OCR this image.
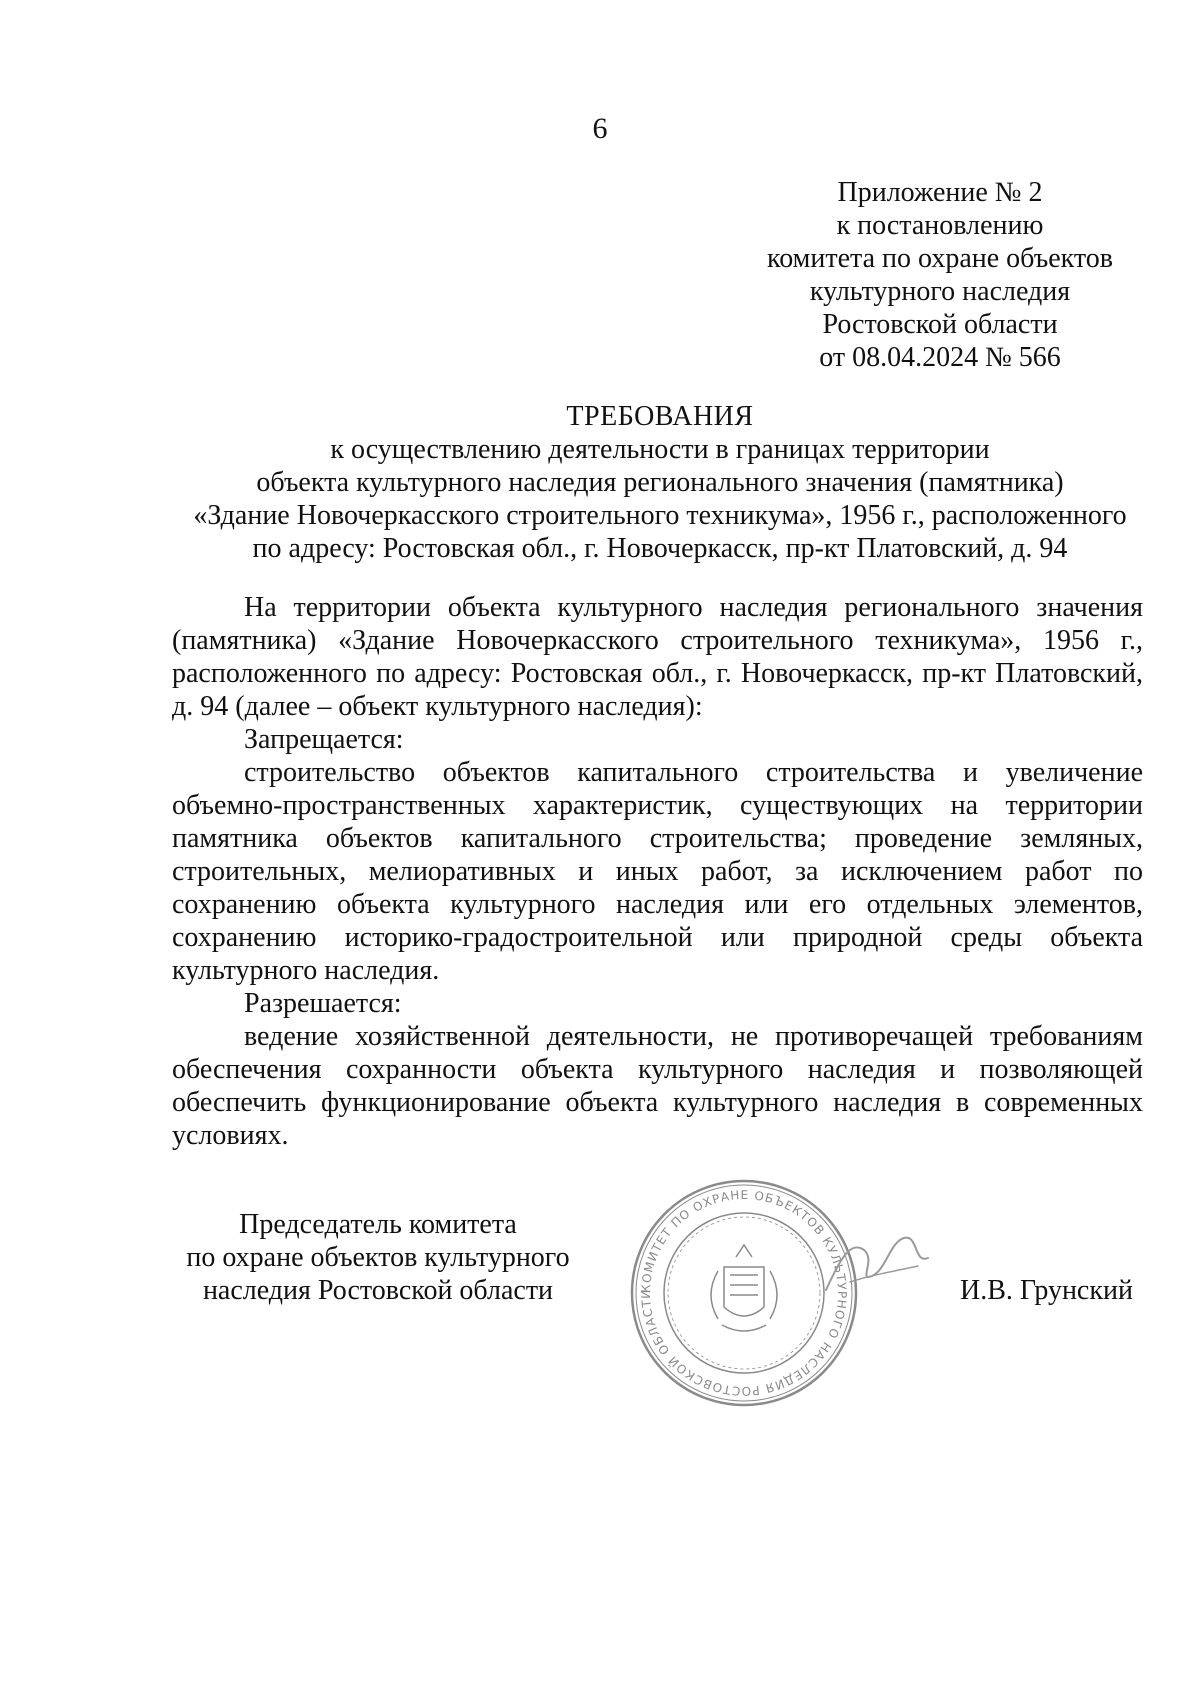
6
Приложение № 2
к постановлению
комитета по охране объектов
культурного наследия
Ростовской области
от 08.04.2024 № 566
ТРЕБОВАНИЯ
к осуществлению деятельности в границах территории
объекта культурного наследия регионального значения (памятника)
«Здание Новочеркасского строительного техникума», 1956 г., расположенного
по адресу: Ростовская обл., г. Новочеркасск, пр-кт Платовский, д. 94

На территории объекта культурного наследия регионального значения (памятника) «Здание Новочеркасского строительного техникума», 1956 г., расположенного по адресу: Ростовская обл., г. Новочеркасск, пр-кт Платовский, д. 94 (далее – объект культурного наследия):

Запрещается:

строительство объектов капитального строительства и увеличение объемно-пространственных характеристик, существующих на территории памятника объектов капитального строительства; проведение земляных, строительных, мелиоративных и иных работ, за исключением работ по сохранению объекта культурного наследия или его отдельных элементов, сохранению историко-градостроительной или природной среды объекта культурного наследия.

Разрешается:

ведение хозяйственной деятельности, не противоречащей требованиям обеспечения сохранности объекта культурного наследия и позволяющей обеспечить функционирование объекта культурного наследия в современных условиях.

Председатель комитета
по охране объектов культурного
наследия Ростовской области	КОМИТЕТ ПО ОХРАНЕ ОБЪЕКТОВ КУЛЬТУРНОГО НАСЛЕДИЯ РОСТОВСКОЙ ОБЛАСТИ	И.В. Грунский
